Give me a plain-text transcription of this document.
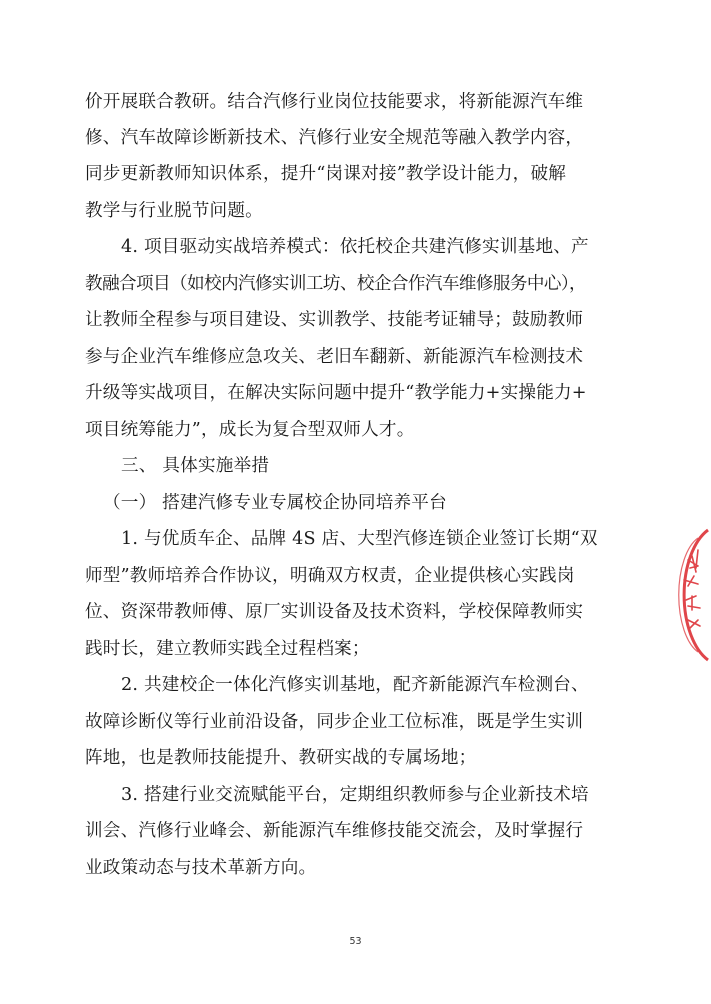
价开展联合教研。结合汽修行业岗位技能要求，将新能源汽车维
修、汽车故障诊断新技术、汽修行业安全规范等融入教学内容，
同步更新教师知识体系，提升“岗课对接”教学设计能力，破解
教学与行业脱节问题。
4. 项目驱动实战培养模式：依托校企共建汽修实训基地、产
教融合项目（如校内汽修实训工坊、校企合作汽车维修服务中心），
让教师全程参与项目建设、实训教学、技能考证辅导；鼓励教师
参与企业汽车维修应急攻关、老旧车翻新、新能源汽车检测技术
升级等实战项目，在解决实际问题中提升“教学能力+实操能力+
项目统筹能力”，成长为复合型双师人才。
三、 具体实施举措
（一） 搭建汽修专业专属校企协同培养平台
1. 与优质车企、品牌 4S 店、大型汽修连锁企业签订长期“双
师型”教师培养合作协议，明确双方权责，企业提供核心实践岗
位、资深带教师傅、原厂实训设备及技术资料，学校保障教师实
践时长，建立教师实践全过程档案；
2. 共建校企一体化汽修实训基地，配齐新能源汽车检测台、
故障诊断仪等行业前沿设备，同步企业工位标准，既是学生实训
阵地，也是教师技能提升、教研实战的专属场地；
3. 搭建行业交流赋能平台，定期组织教师参与企业新技术培
训会、汽修行业峰会、新能源汽车维修技能交流会，及时掌握行
业政策动态与技术革新方向。
53
